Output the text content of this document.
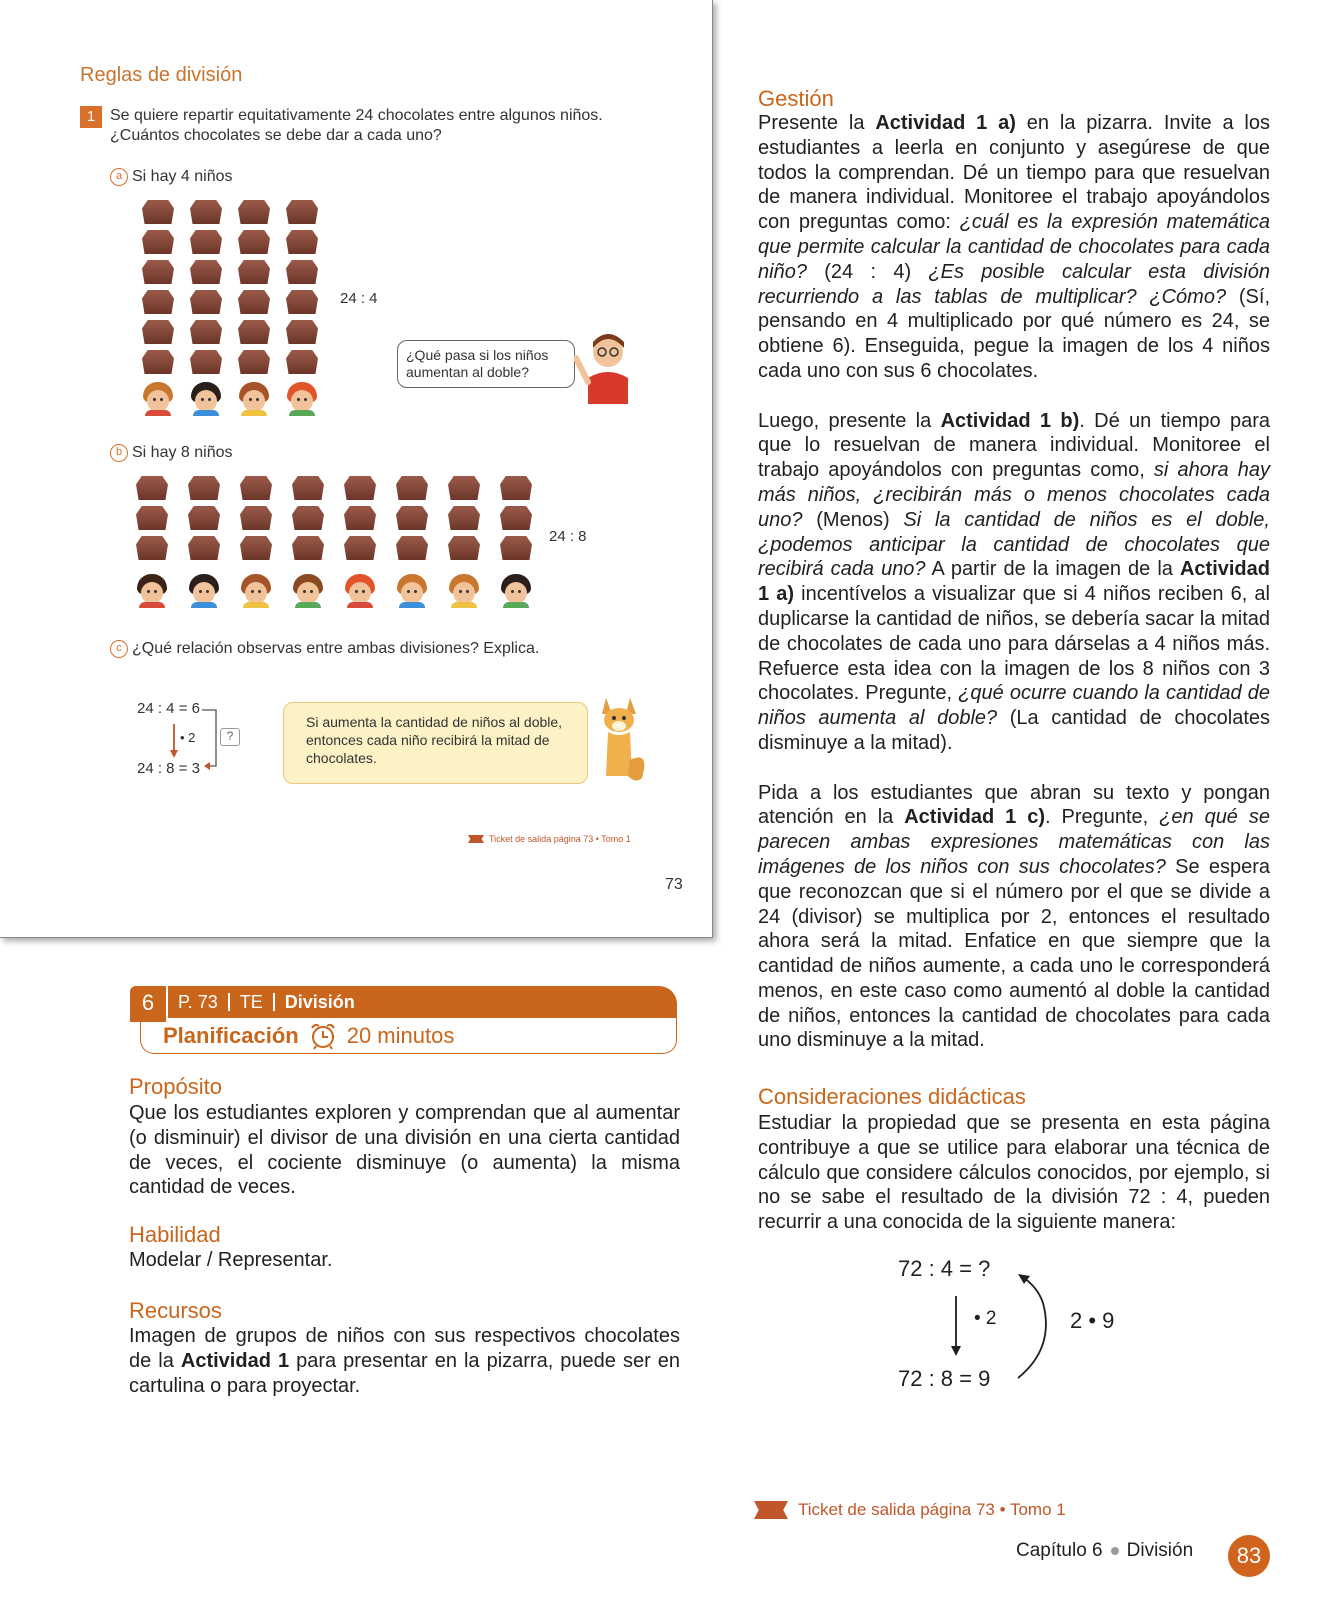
Reglas de división
1 Se quiere repartir equitativamente 24 chocolates entre algunos niños. ¿Cuántos chocolates se debe dar a cada uno?
a Si hay 4 niños
24 : 4
¿Qué pasa si los niños aumentan al doble?
b Si hay 8 niños
24 : 8
c ¿Qué relación observas entre ambas divisiones? Explica.
24 : 4 = 6
• 2
24 : 8 = 3
?
Si aumenta la cantidad de niños al doble, entonces cada niño recibirá la mitad de chocolates.
Ticket de salida página 73 • Tomo 1
73
6	P. 73	TE	División
Planificación 20 minutos
Propósito
Que los estudiantes exploren y comprendan que al aumentar (o disminuir) el divisor de una división en una cierta cantidad de veces, el cociente disminuye (o aumenta) la misma cantidad de veces.
Habilidad
Modelar / Representar.
Recursos
Imagen de grupos de niños con sus respectivos chocolates de la Actividad 1 para presentar en la pizarra, puede ser en cartulina o para proyectar.
Gestión

Presente la Actividad 1 a) en la pizarra. Invite a los estudiantes a leerla en conjunto y asegúrese de que todos la comprendan. Dé un tiempo para que resuelvan de manera individual. Monitoree el trabajo apoyándolos con preguntas como: ¿cuál es la expresión matemática que permite calcular la cantidad de chocolates para cada niño? (24 : 4) ¿Es posible calcular esta división recurriendo a las tablas de multiplicar? ¿Cómo? (Sí, pensando en 4 multiplicado por qué número es 24, se obtiene 6). Enseguida, pegue la imagen de los 4 niños cada uno con sus 6 chocolates.

Luego, presente la Actividad 1 b). Dé un tiempo para que lo resuelvan de manera individual. Monitoree el trabajo apoyándolos con preguntas como, si ahora hay más niños, ¿recibirán más o menos chocolates cada uno? (Menos) Si la cantidad de niños es el doble, ¿podemos anticipar la cantidad de chocolates que recibirá cada uno? A partir de la imagen de la Actividad 1 a) incentívelos a visualizar que si 4 niños reciben 6, al duplicarse la cantidad de niños, se debería sacar la mitad de chocolates de cada uno para dárselas a 4 niños más. Refuerce esta idea con la imagen de los 8 niños con 3 chocolates. Pregunte, ¿qué ocurre cuando la cantidad de niños aumenta al doble? (La cantidad de chocolates disminuye a la mitad).

Pida a los estudiantes que abran su texto y pongan atención en la Actividad 1 c). Pregunte, ¿en qué se parecen ambas expresiones matemáticas con las imágenes de los niños con sus chocolates? Se espera que reconozcan que si el número por el que se divide a 24 (divisor) se multiplica por 2, entonces el resultado ahora será la mitad. Enfatice en que siempre que la cantidad de niños aumente, a cada uno le corresponderá menos, en este caso como aumentó al doble la cantidad de niños, entonces la cantidad de chocolates para cada uno disminuye a la mitad.

Consideraciones didácticas
Estudiar la propiedad que se presenta en esta página contribuye a que se utilice para elaborar una técnica de cálculo que considere cálculos conocidos, por ejemplo, si no se sabe el resultado de la división 72 : 4, pueden recurrir a una conocida de la siguiente manera:
72 : 4 = ?
• 2	2 • 9
72 : 8 = 9
Ticket de salida página 73 • Tomo 1
Capítulo 6 División	83
